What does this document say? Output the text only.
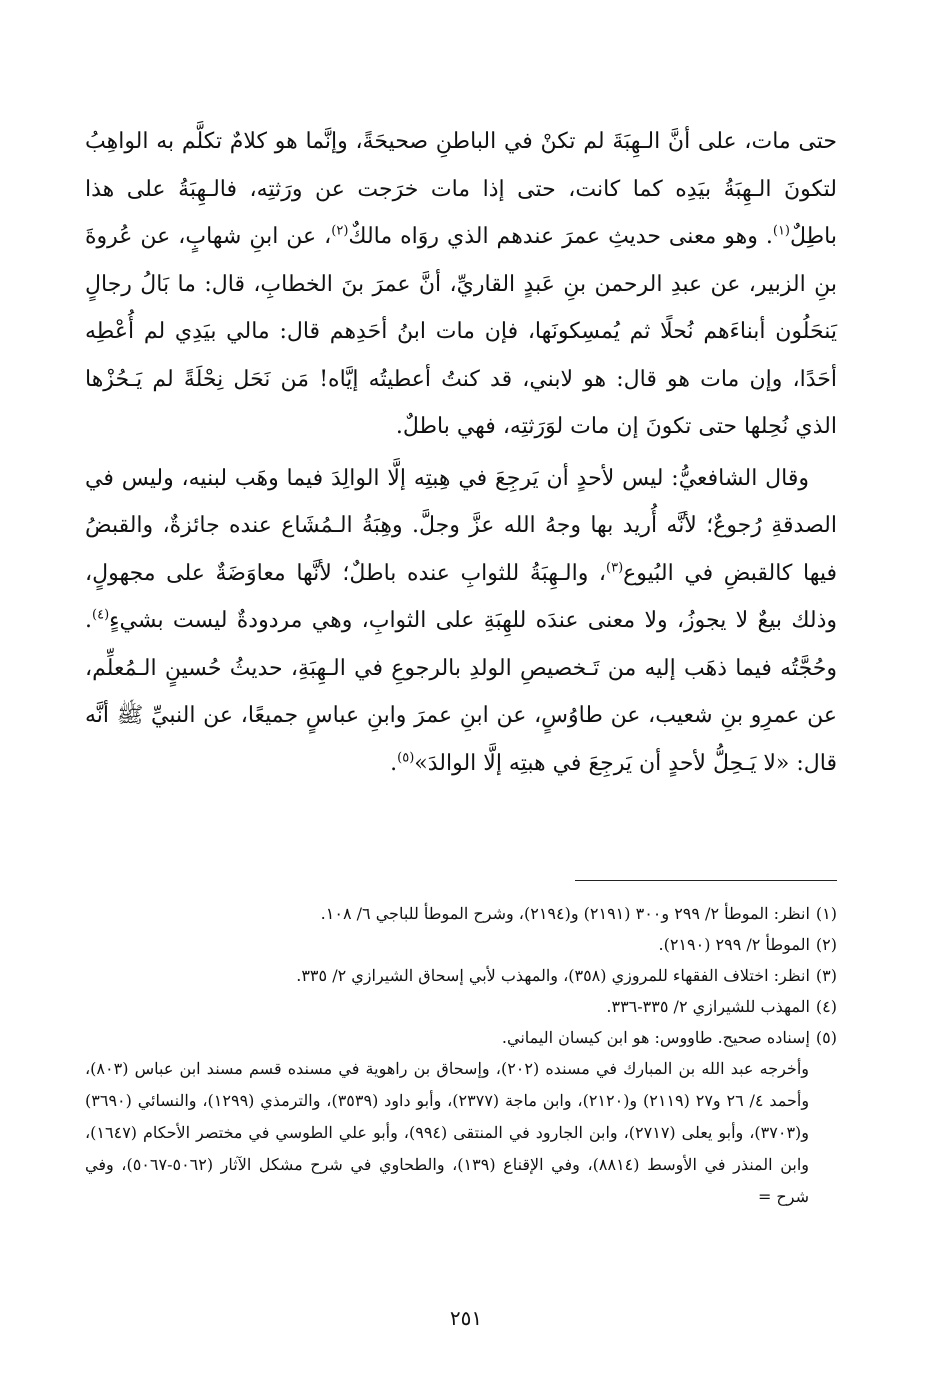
حتى مات، على أنَّ الـهِبَةَ لم تكنْ في الباطنِ صحيحَةً، وإنَّما هو كلامٌ تكلَّم به الواهِبُ لتكونَ الـهِبَةُ بيَدِه كما كانت، حتى إذا مات خرَجت عن ورَثتِه، فالـهِبَةُ على هذا باطِلٌ$^{(١)}$. وهو معنى حديثِ عمرَ عندهم الذي روَاه مالكٌ$^{(٢)}$، عن ابنِ شهابٍ، عن عُروةَ بنِ الزبير، عن عبدِ الرحمن بنِ عَبدٍ القاريِّ، أنَّ عمرَ بنَ الخطابِ، قال: ما بَالُ رجالٍ يَنحَلُون أبناءَهم نُحلًا ثم يُمسِكونَها، فإن مات ابنُ أحَدِهم قال: مالي بيَدِي لم أُعْطِه أحَدًا، وإن مات هو قال: هو لابني، قد كنتُ أعطيتُه إيَّاه! مَن نَحَل نِحْلَةً لم يَـحُزْها الذي نُحِلها حتى تكونَ إن مات لوَرَثتِه، فهي باطلٌ.

وقال الشافعيُّ: ليس لأحدٍ أن يَرجِعَ في هِبتِه إلَّا الوالِدَ فيما وهَب لبنيه، وليس في الصدقةِ رُجوعٌ؛ لأنَّه أُريد بها وجهُ الله عزَّ وجلَّ. وهِبَةُ الـمُشَاع عنده جائزةٌ، والقبضُ فيها كالقبضِ في البُيوع$^{(٣)}$، والـهِبَةُ للثوابِ عنده باطلٌ؛ لأنَّها معاوَضَةٌ على مجهولٍ، وذلك بيعٌ لا يجوزُ، ولا معنى عندَه للهِبَةِ على الثوابِ، وهي مردودةٌ ليست بشيءٍ$^{(٤)}$. وحُجَّتُه فيما ذهَب إليه من تَـخصيصِ الولدِ بالرجوعِ في الـهِبَةِ، حديثُ حُسينٍ الـمُعلِّم، عن عمرِو بنِ شعيب، عن طاوُسٍ، عن ابنِ عمرَ وابنِ عباسٍ جميعًا، عن النبيِّ ﷺ أنَّه قال: «لا يَـحِلُّ لأحدٍ أن يَرجِعَ في هبتِه إلَّا الوالدَ»$^{(٥)}$.

(١)انظر: الموطأ ٢/ ٢٩٩ و٣٠٠ (٢١٩١) و(٢١٩٤)، وشرح الموطأ للباجي ٦/ ١٠٨.

(٢)الموطأ ٢/ ٢٩٩ (٢١٩٠).

(٣)انظر: اختلاف الفقهاء للمروزي (٣٥٨)، والمهذب لأبي إسحاق الشيرازي ٢/ ٣٣٥.

(٤)المهذب للشيرازي ٢/ ٣٣٥-٣٣٦.

(٥)إسناده صحيح. طاووس: هو ابن كيسان اليماني.

وأخرجه عبد الله بن المبارك في مسنده (٢٠٢)، وإسحاق بن راهوية في مسنده قسم مسند ابن عباس (٨٠٣)، وأحمد ٤/ ٢٦ و٢٧ (٢١١٩) و(٢١٢٠)، وابن ماجة (٢٣٧٧)، وأبو داود (٣٥٣٩)، والترمذي (١٢٩٩)، والنسائي (٣٦٩٠) و(٣٧٠٣)، وأبو يعلى (٢٧١٧)، وابن الجارود في المنتقى (٩٩٤)، وأبو علي الطوسي في مختصر الأحكام (١٦٤٧)، وابن المنذر في الأوسط (٨٨١٤)، وفي الإقناع (١٣٩)، والطحاوي في شرح مشكل الآثار (٥٠٦٢-٥٠٦٧)، وفي شرح =

٢٥١
